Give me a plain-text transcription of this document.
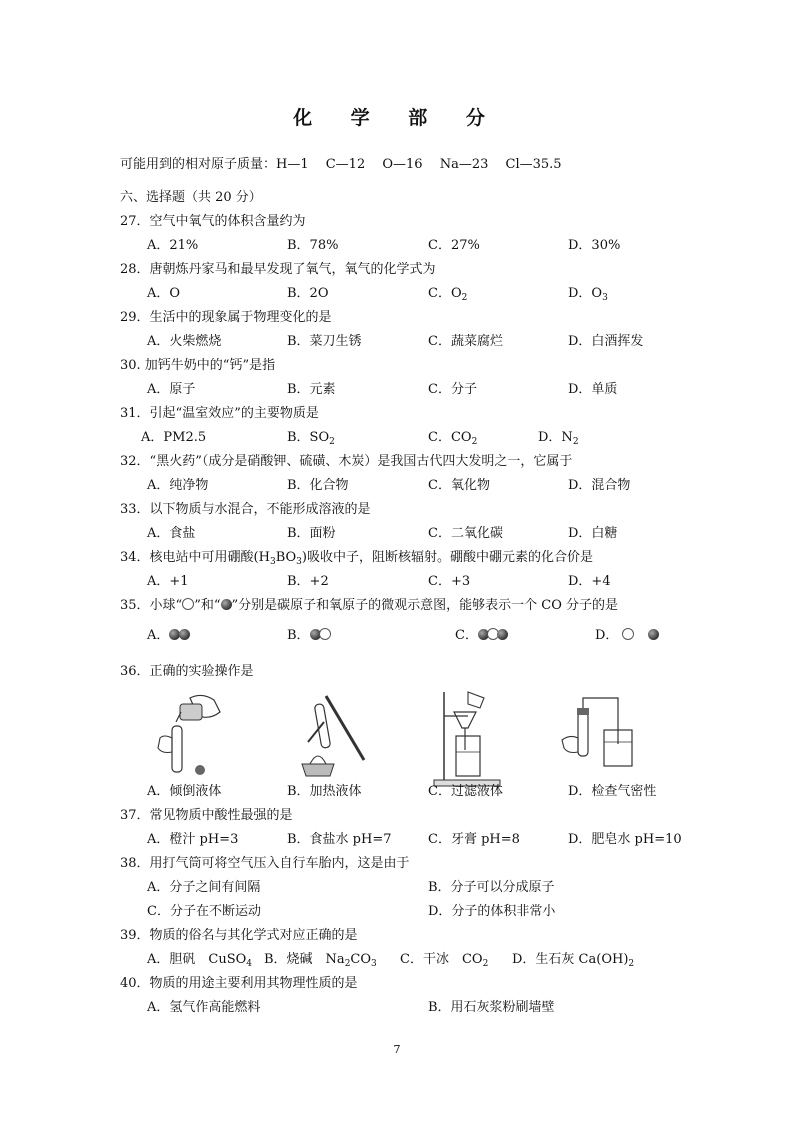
化 学 部 分
可能用到的相对原子质量：H—1　 C—12　 O—16　 Na—23　 Cl—35.5
六、选择题（共 20 分）
27．空气中氧气的体积含量约为
A．21%	B．78%	C．27%	D．30%
28．唐朝炼丹家马和最早发现了氧气，氧气的化学式为
A．O	B．2O	C．$O_2$	D．$O_3$
29．生活中的现象属于物理变化的是
A．火柴燃烧	B．菜刀生锈	C．蔬菜腐烂	D．白酒挥发
30. 加钙牛奶中的“钙”是指
A．原子	B．元素	C．分子	D．单质
31．引起“温室效应”的主要物质是
A．PM2.5	B．$SO_2$	C．$CO_2$	D．$N_2$
32．“黑火药”（成分是硝酸钾、硫磺、木炭）是我国古代四大发明之一，它属于
A．纯净物	B．化合物	C．氧化物	D．混合物
33．以下物质与水混合，不能形成溶液的是
A．食盐	B．面粉	C．二氧化碳	D．白糖
34．核电站中可用硼酸$(H_3BO_3)$吸收中子，阻断核辐射。硼酸中硼元素的化合价是
A．+1	B．+2	C．+3	D．+4
35．小球“ ”和“ ”分别是碳原子和氧原子的微观示意图，能够表示一个 CO 分子的是
A．	B．	C．	D．
36．正确的实验操作是
A．倾倒液体	B．加热液体	C．过滤液体	D．检查气密性
37．常见物质中酸性最强的是
A．橙汁 pH=3	B．食盐水 pH=7	C．牙膏 pH=8	D．肥皂水 pH=10
38．用打气筒可将空气压入自行车胎内，这是由于
A．分子之间有间隔	B．分子可以分成原子
C．分子在不断运动	D．分子的体积非常小
39．物质的俗名与其化学式对应正确的是
A．胆矾　CuSO$_4$ B．烧碱　$Na_2CO_3$ C．干冰　$CO_2$ D．生石灰 $Ca(OH)_2$
40．物质的用途主要利用其物理性质的是
A．氢气作高能燃料	B．用石灰浆粉刷墙壁
7
